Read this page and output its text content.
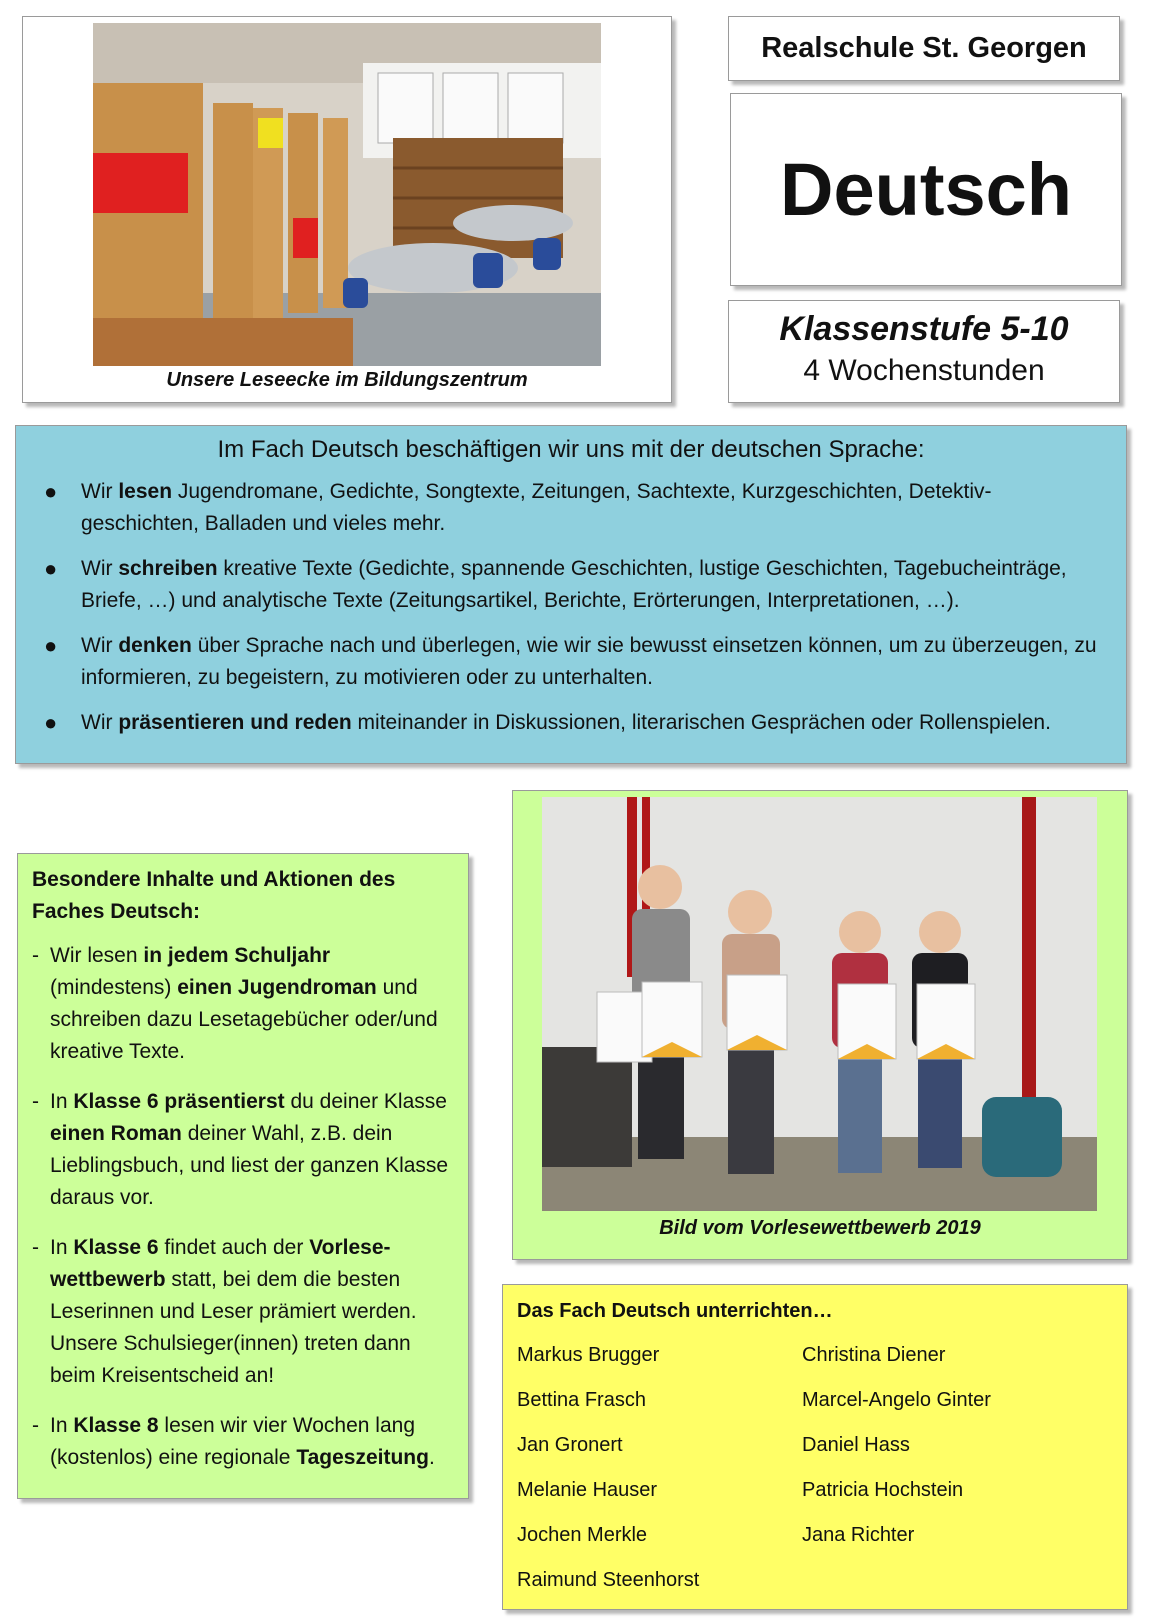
Unsere Leseecke im Bildungszentrum
Realschule St. Georgen
Deutsch
Klassenstufe 5-10
4 Wochenstunden
Im Fach Deutsch beschäftigen wir uns mit der deutschen Sprache:
● Wir lesen Jugendromane, Gedichte, Songtexte, Zeitungen, Sachtexte, Kurzgeschichten, Detektiv-geschichten, Balladen und vieles mehr.
● Wir schreiben kreative Texte (Gedichte, spannende Geschichten, lustige Geschichten, Tagebucheinträge, Briefe, …) und analytische Texte (Zeitungsartikel, Berichte, Erörterungen, Interpretationen, …).
● Wir denken über Sprache nach und überlegen, wie wir sie bewusst einsetzen können, um zu überzeugen, zu informieren, zu begeistern, zu motivieren oder zu unterhalten.
● Wir präsentieren und reden miteinander in Diskussionen, literarischen Gesprächen oder Rollenspielen.
Besondere Inhalte und Aktionen des Faches Deutsch:
- Wir lesen in jedem Schuljahr (mindestens) einen Jugendroman und schreiben dazu Lesetagebücher oder/und kreative Texte.
- In Klasse 6 präsentierst du deiner Klasse einen Roman deiner Wahl, z.B. dein Lieblingsbuch, und liest der ganzen Klasse daraus vor.
- In Klasse 6 findet auch der Vorlese-wettbewerb statt, bei dem die besten Leserinnen und Leser prämiert werden. Unsere Schulsieger(innen) treten dann beim Kreisentscheid an!
- In Klasse 8 lesen wir vier Wochen lang (kostenlos) eine regionale Tageszeitung.
Bild vom Vorlesewettbewerb 2019
Das Fach Deutsch unterrichten…
Markus Brugger	Christina Diener
Bettina Frasch	Marcel-Angelo Ginter
Jan Gronert	Daniel Hass
Melanie Hauser	Patricia Hochstein
Jochen Merkle	Jana Richter
Raimund Steenhorst
